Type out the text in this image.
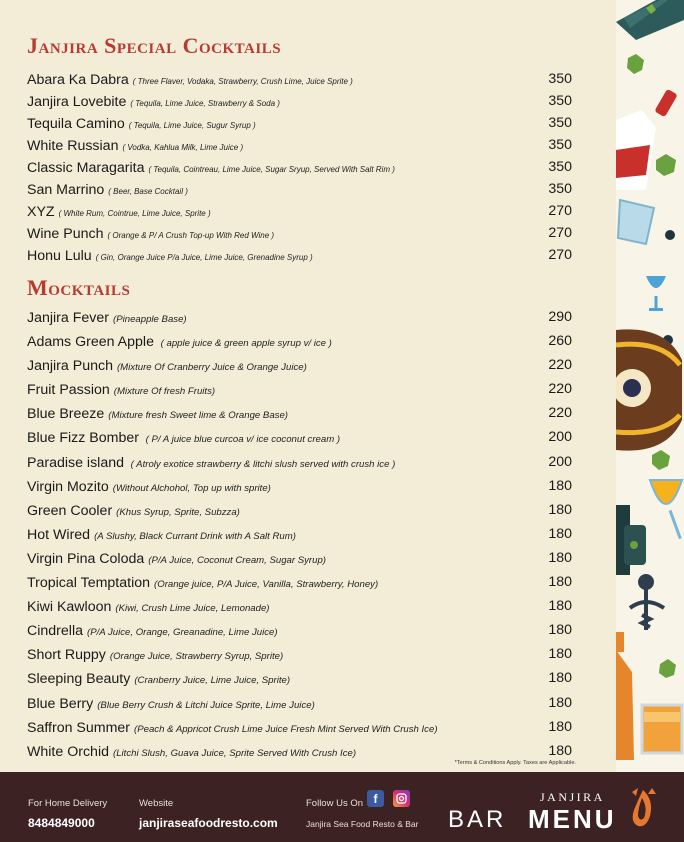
Janjira Special Cocktails
Abara Ka Dabra ( Three Flaver, Vodaka, Strawberry, Crush Lime, Juice Sprite )	350
Janjira Lovebite ( Tequila, Lime Juice, Strawberry & Soda )	350
Tequila Camino ( Tequila, Lime Juice, Sugur Syrup )	350
White Russian ( Vodka, Kahlua Milk, Lime Juice )	350
Classic Maragarita ( Tequila, Cointreau, Lime Juice, Sugar Sryup, Served With Salt Rim )	350
San Marrino ( Beer, Base Cocktail )	350
XYZ ( White Rum, Cointrue, Lime Juice, Sprite )	270
Wine Punch ( Orange & P/ A Crush Top-up With Red Wine )	270
Honu Lulu ( Gin, Orange Juice P/a Juice, Lime Juice, Grenadine Syrup )	270
Mocktails
Janjira Fever (Pineapple Base)	290
Adams Green Apple ( apple juice & green apple syrup v/ ice )	260
Janjira Punch (Mixture Of Cranberry Juice & Orange Juice)	220
Fruit Passion (Mixture Of fresh Fruits)	220
Blue Breeze (Mixture fresh Sweet lime & Orange Base)	220
Blue Fizz Bomber ( P/ A juice blue curcoa v/ ice coconut cream )	200
Paradise island ( Atroly exotice strawberry & litchi slush served with crush ice )	200
Virgin Mozito (Without Alchohol, Top up with sprite)	180
Green Cooler (Khus Syrup, Sprite, Subzza)	180
Hot Wired (A Slushy, Black Currant Drink with A Salt Rum)	180
Virgin Pina Coloda (P/A Juice, Coconut Cream, Sugar Syrup)	180
Tropical Temptation (Orange juice, P/A Juice, Vanilla, Strawberry, Honey)	180
Kiwi Kawloon (Kiwi, Crush Lime Juice, Lemonade)	180
Cindrella (P/A Juice, Orange, Greanadine, Lime Juice)	180
Short Ruppy (Orange Juice, Strawberry Syrup, Sprite)	180
Sleeping Beauty (Cranberry Juice, Lime Juice, Sprite)	180
Blue Berry (Blue Berry Crush & Litchi Juice Sprite, Lime Juice)	180
Saffron Summer (Peach & Appricot Crush Lime Juice Fresh Mint Served With Crush Ice)	180
White Orchid (Litchi Slush, Guava Juice, Sprite Served With Crush Ice)	180
*Terms & Conditions Apply. Taxes are Applicable.
For Home Delivery
8484849000
Website
janjiraseafoodresto.com
Follow Us On f
Janjira Sea Food Resto & Bar
JANJIRA
BAR MENU
